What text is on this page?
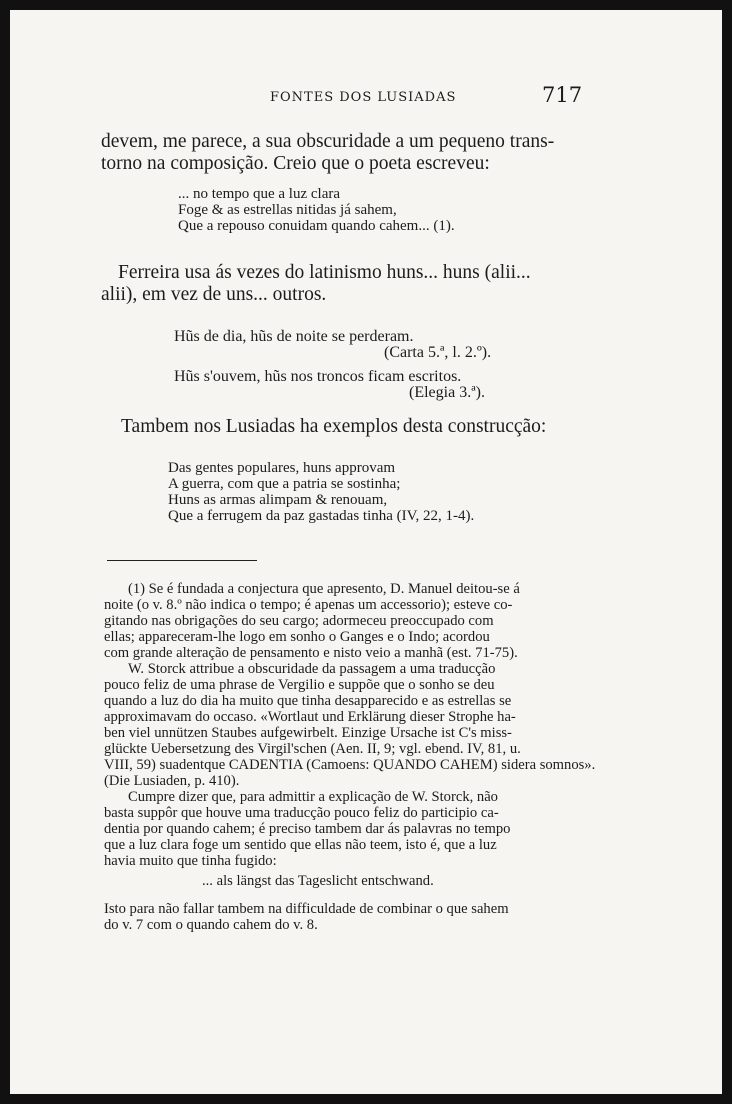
FONTES DOS LUSIADAS	717

devem, me parece, a sua obscuridade a um pequeno trans-

torno na composição. Creio que o poeta escreveu:

... no tempo que a luz clara

Foge & as estrellas nitidas já sahem,

Que a repouso conuidam quando cahem... (1).

Ferreira usa ás vezes do latinismo huns... huns (alii...

alii), em vez de uns... outros.

Hũs de dia, hũs de noite se perderam.

(Carta 5.ª, l. 2.º).

Hũs s'ouvem, hũs nos troncos ficam escritos.

(Elegia 3.ª).

Tambem nos Lusiadas ha exemplos desta construcção:

Das gentes populares, huns approvam

A guerra, com que a patria se sostinha;

Huns as armas alimpam & renouam,

Que a ferrugem da paz gastadas tinha (IV, 22, 1-4).

(1) Se é fundada a conjectura que apresento, D. Manuel deitou-se á

noite (o v. 8.º não indica o tempo; é apenas um accessorio); esteve co-

gitando nas obrigações do seu cargo; adormeceu preoccupado com

ellas; appareceram-lhe logo em sonho o Ganges e o Indo; acordou

com grande alteração de pensamento e nisto veio a manhã (est. 71-75).

W. Storck attribue a obscuridade da passagem a uma traducção

pouco feliz de uma phrase de Vergilio e suppõe que o sonho se deu

quando a luz do dia ha muito que tinha desapparecido e as estrellas se

approximavam do occaso. «Wortlaut und Erklärung dieser Strophe ha-

ben viel unnützen Staubes aufgewirbelt. Einzige Ursache ist C's miss-

glückte Uebersetzung des Virgil'schen (Aen. II, 9; vgl. ebend. IV, 81, u.

VIII, 59) suadentque CADENTIA (Camoens: QUANDO CAHEM) sidera somnos».

(Die Lusiaden, p. 410).

Cumpre dizer que, para admittir a explicação de W. Storck, não

basta suppôr que houve uma traducção pouco feliz do participio ca-

dentia por quando cahem; é preciso tambem dar ás palavras no tempo

que a luz clara foge um sentido que ellas não teem, isto é, que a luz

havia muito que tinha fugido:

... als längst das Tageslicht entschwand.

Isto para não fallar tambem na difficuldade de combinar o que sahem

do v. 7 com o quando cahem do v. 8.
